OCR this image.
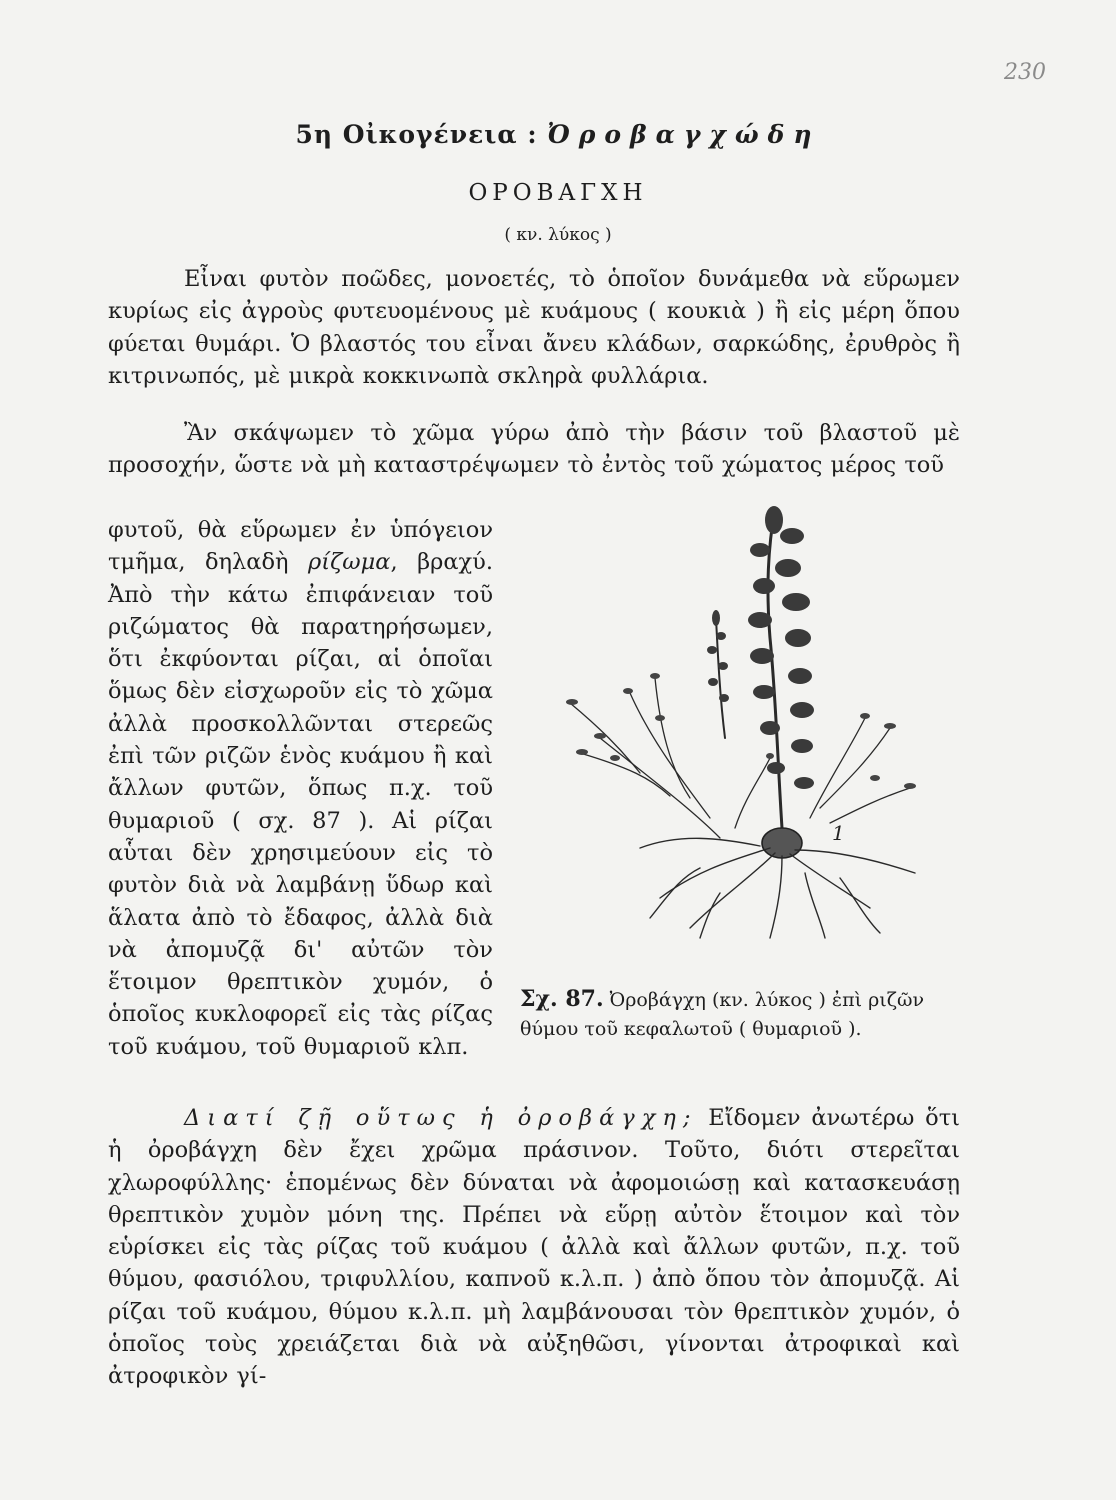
230
5η Οἰκογένεια : Ὀροβαγχώδη
ΟΡΟΒΑΓΧΗ
( κν. λύκος )

Εἶναι φυτὸν ποῶδες, μονοετές, τὸ ὁποῖον δυνάμεθα νὰ εὕρωμεν κυρίως εἰς ἀγροὺς φυτευομένους μὲ κυάμους ( κουκιὰ ) ἢ εἰς μέρη ὅπου φύεται θυμάρι. Ὁ βλαστός του εἶναι ἄνευ κλάδων, σαρκώδης, ἐρυθρὸς ἢ κιτρινωπός, μὲ μικρὰ κοκκινωπὰ σκληρὰ φυλλάρια.

Ἂν σκάψωμεν τὸ χῶμα γύρω ἀπὸ τὴν βάσιν τοῦ βλαστοῦ μὲ προσοχήν, ὥστε νὰ μὴ καταστρέψωμεν τὸ ἐντὸς τοῦ χώματος μέρος τοῦ

φυτοῦ, θὰ εὕρωμεν ἐν ὑπόγειον τμῆμα, δηλαδὴ ρίζωμα, βραχύ. Ἀπὸ τὴν κάτω ἐπιφάνειαν τοῦ ριζώματος θὰ παρατηρήσωμεν, ὅτι ἐκφύονται ρίζαι, αἱ ὁποῖαι ὅμως δὲν εἰσχωροῦν εἰς τὸ χῶμα ἀλλὰ προσκολλῶνται στερεῶς ἐπὶ τῶν ριζῶν ἑνὸς κυάμου ἢ καὶ ἄλλων φυτῶν, ὅπως π.χ. τοῦ θυμαριοῦ ( σχ. 87 ). Αἱ ρίζαι αὗται δὲν χρησιμεύουν εἰς τὸ φυτὸν διὰ νὰ λαμβάνῃ ὕδωρ καὶ ἅλατα ἀπὸ τὸ ἔδαφος, ἀλλὰ διὰ νὰ ἀπομυζᾷ δι' αὐτῶν τὸν ἕτοιμον θρεπτικὸν χυμόν, ὁ ὁποῖος κυκλοφορεῖ εἰς τὰς ρίζας τοῦ κυάμου, τοῦ θυμαριοῦ κλπ.

1

Σχ. 87. Ὀροβάγχη (κν. λύκος ) ἐπὶ ριζῶν θύμου τοῦ κεφαλωτοῦ ( θυμαριοῦ ).

Διατί ζῇ οὕτως ἡ ὀροβάγχη; Εἴδομεν ἀνωτέρω ὅτι ἡ ὀροβάγχη δὲν ἔχει χρῶμα πράσινον. Τοῦτο, διότι στερεῖται χλωροφύλλης· ἑπομένως δὲν δύναται νὰ ἀφομοιώσῃ καὶ κατασκευάσῃ θρεπτικὸν χυμὸν μόνη της. Πρέπει νὰ εὕρῃ αὐτὸν ἕτοιμον καὶ τὸν εὑρίσκει εἰς τὰς ρίζας τοῦ κυάμου ( ἀλλὰ καὶ ἄλλων φυτῶν, π.χ. τοῦ θύμου, φασιόλου, τριφυλλίου, καπνοῦ κ.λ.π. ) ἀπὸ ὅπου τὸν ἀπομυζᾷ. Αἱ ρίζαι τοῦ κυάμου, θύμου κ.λ.π. μὴ λαμβάνουσαι τὸν θρεπτικὸν χυμόν, ὁ ὁποῖος τοὺς χρειάζεται διὰ νὰ αὐξηθῶσι, γίνονται ἀτροφικαὶ καὶ ἀτροφικὸν γί-
